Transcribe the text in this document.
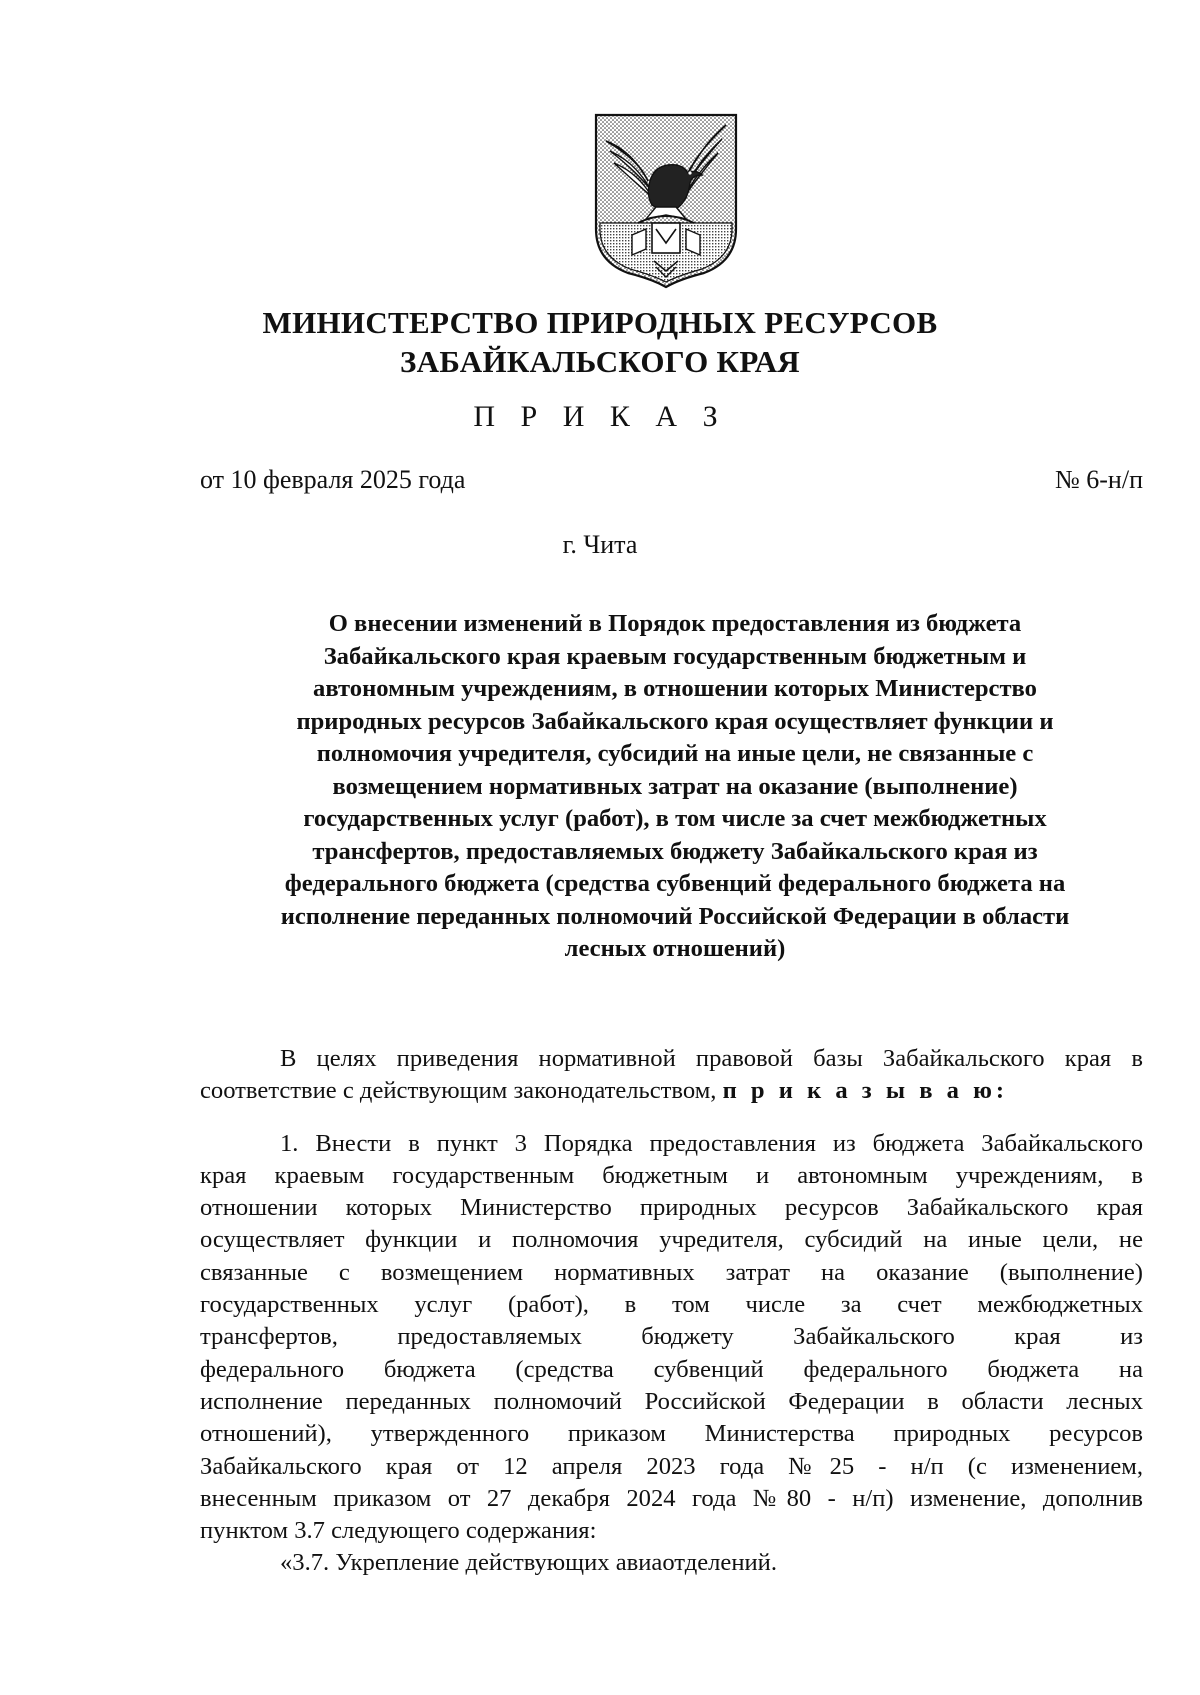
МИНИСТЕРСТВО ПРИРОДНЫХ РЕСУРСОВ
ЗАБАЙКАЛЬСКОГО КРАЯ
П Р И К А З
от 10 февраля 2025 года	№ 6-н/п
г. Чита
О внесении изменений в Порядок предоставления из бюджета
Забайкальского края краевым государственным бюджетным и
автономным учреждениям, в отношении которых Министерство
природных ресурсов Забайкальского края осуществляет функции и
полномочия учредителя, субсидий на иные цели, не связанные с
возмещением нормативных затрат на оказание (выполнение)
государственных услуг (работ), в том числе за счет межбюджетных
трансфертов, предоставляемых бюджету Забайкальского края из
федерального бюджета (средства субвенций федерального бюджета на
исполнение переданных полномочий Российской Федерации в области
лесных отношений)
В целях приведения нормативной правовой базы Забайкальского края в
соответствие с действующим законодательством, п р и к а з ы в а ю:
1. Внести в пункт 3 Порядка предоставления из бюджета Забайкальского
края краевым государственным бюджетным и автономным учреждениям, в
отношении которых Министерство природных ресурсов Забайкальского края
осуществляет функции и полномочия учредителя, субсидий на иные цели, не
связанные с возмещением нормативных затрат на оказание (выполнение)
государственных услуг (работ), в том числе за счет межбюджетных
трансфертов, предоставляемых бюджету Забайкальского края из
федерального бюджета (средства субвенций федерального бюджета на
исполнение переданных полномочий Российской Федерации в области лесных
отношений), утвержденного приказом Министерства природных ресурсов
Забайкальского края от 12 апреля 2023 года №25 - н/п (с изменением,
внесенным приказом от 27 декабря 2024 года №80 - н/п) изменение, дополнив
пунктом 3.7 следующего содержания:
«3.7. Укрепление действующих авиаотделений.
